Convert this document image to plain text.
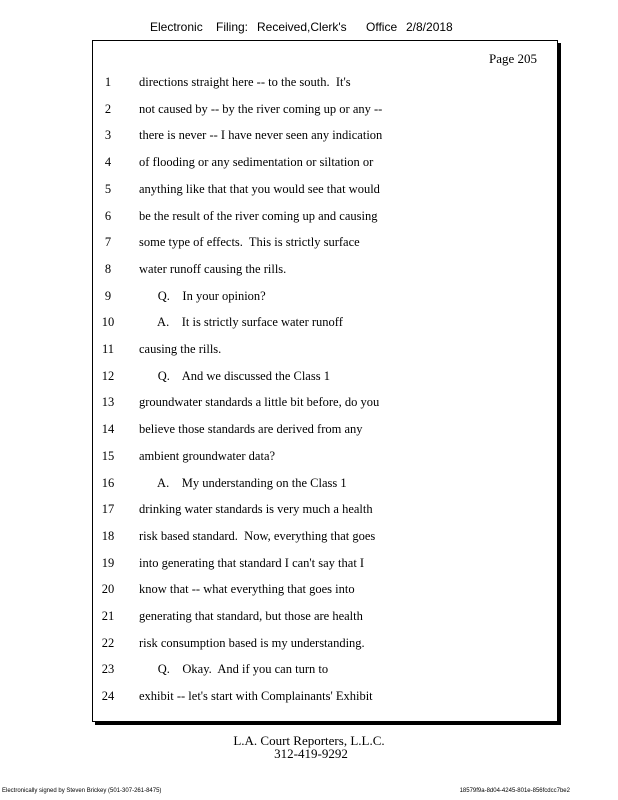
Electronic Filing: Received,Clerk's Office 2/8/2018
Page 205
1	directions straight here -- to the south.  It's
2	not caused by -- by the river coming up or any --
3	there is never -- I have never seen any indication
4	of flooding or any sedimentation or siltation or
5	anything like that that you would see that would
6	be the result of the river coming up and causing
7	some type of effects.  This is strictly surface
8	water runoff causing the rills.
9	Q.    In your opinion?
10	A.    It is strictly surface water runoff
11	causing the rills.
12	Q.    And we discussed the Class 1
13	groundwater standards a little bit before, do you
14	believe those standards are derived from any
15	ambient groundwater data?
16	A.    My understanding on the Class 1
17	drinking water standards is very much a health
18	risk based standard.  Now, everything that goes
19	into generating that standard I can't say that I
20	know that -- what everything that goes into
21	generating that standard, but those are health
22	risk consumption based is my understanding.
23	Q.    Okay.  And if you can turn to
24	exhibit -- let's start with Complainants' Exhibit
L.A. Court Reporters, L.L.C.
312-419-9292
Electronically signed by Steven Brickey (501-307-261-8475)	18579f9a-8d04-4245-801e-856fcdcc7be2
